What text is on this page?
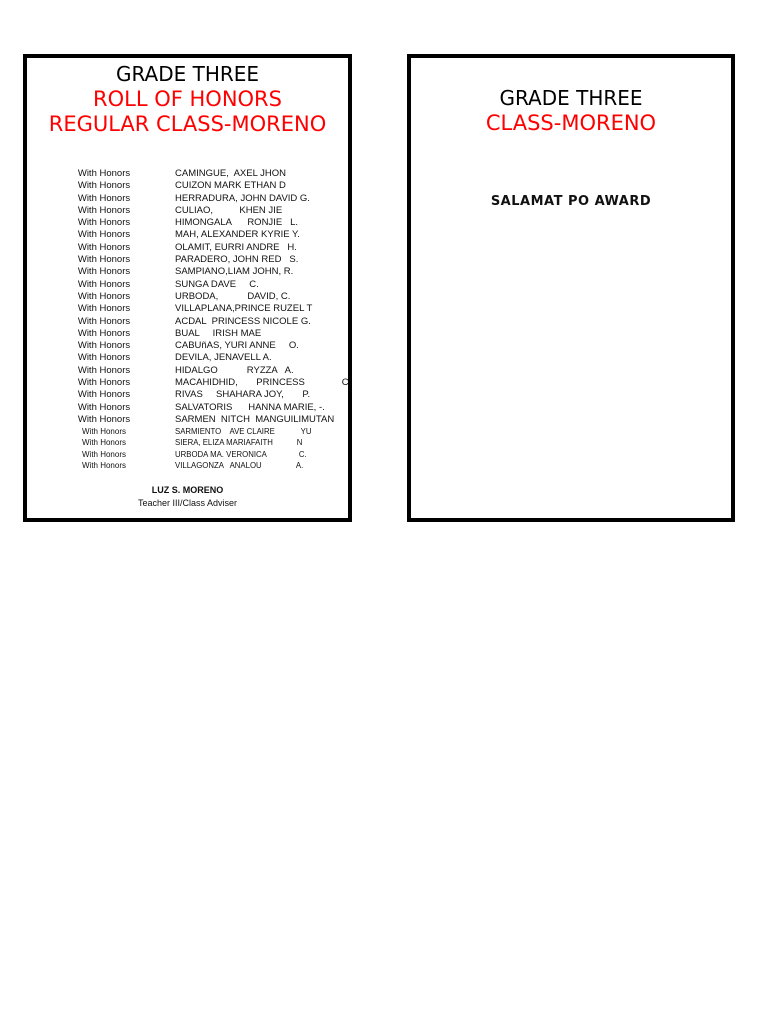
GRADE THREE
ROLL OF HONORS
REGULAR CLASS-MORENO
With Honors	CAMINGUE,  AXEL JHON
With Honors	CUIZON MARK ETHAN D
With Honors	HERRADURA, JOHN DAVID G.
With Honors	CULIAO,          KHEN JIE
With Honors	HIMONGALA      RONJIE   L.
With Honors	MAH, ALEXANDER KYRIE Y.
With Honors	OLAMIT, EURRI ANDRE   H.
With Honors	PARADERO, JOHN RED   S.
With Honors	SAMPIANO,LIAM JOHN, R.
With Honors	SUNGA DAVE     C.
With Honors	URBODA,           DAVID, C.
With Honors	VILLAPLANA,PRINCE RUZEL T
With Honors	ACDAL  PRINCESS NICOLE G.
With Honors	BUAL     IRISH MAE
With Honors	CABUñAS, YURI ANNE     O.
With Honors	DEVILA, JENAVELL A.
With Honors	HIDALGO           RYZZA   A.
With Honors	MACAHIDHID,       PRINCESS              C.
With Honors	RIVAS     SHAHARA JOY,       P.
With Honors	SALVATORIS      HANNA MARIE, -.
With Honors	SARMEN  NITCH  MANGUILIMUTAN
With Honors	SARMIENTO    AVE CLAIRE            YU
With Honors	SIERA, ELIZA MARIAFAITH           N
With Honors	URBODA MA. VERONICA               C.
With Honors	VILLAGONZA   ANALOU                A.
LUZ S. MORENO
Teacher III/Class Adviser
GRADE THREE
CLASS-MORENO
SALAMAT PO AWARD
